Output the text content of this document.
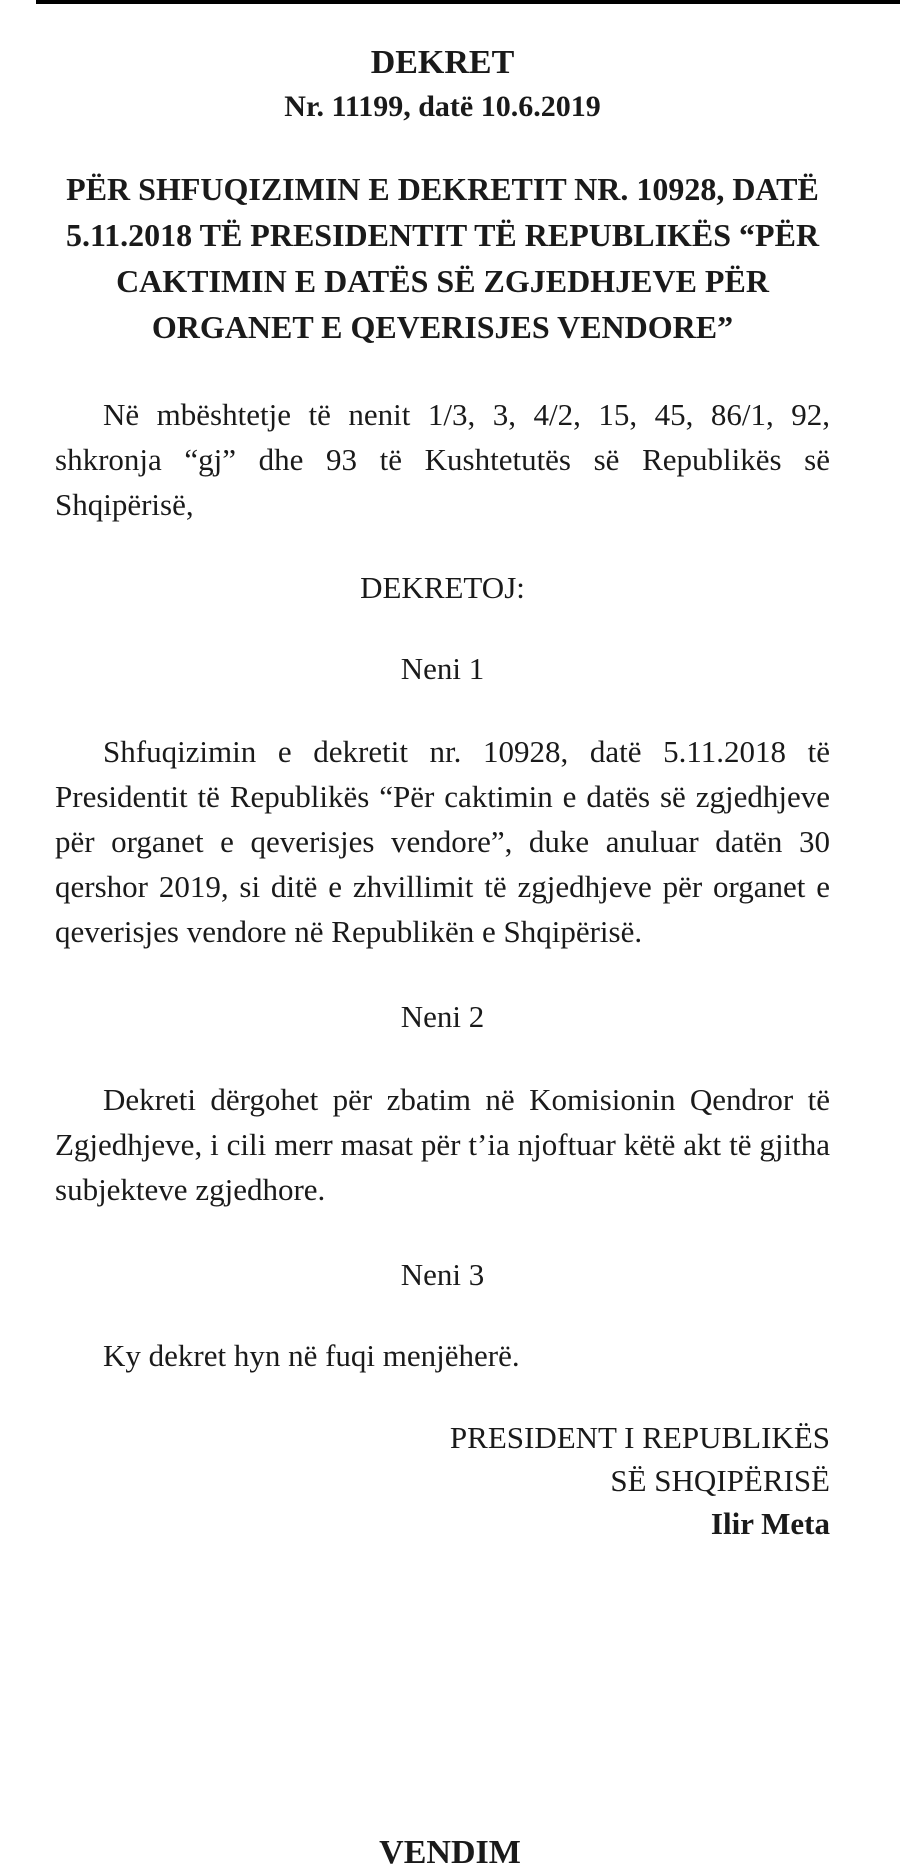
DEKRET

Nr. 11199, datë 10.6.2019

PËR SHFUQIZIMIN E DEKRETIT NR. 10928, DATË 5.11.2018 TË PRESIDENTIT TË REPUBLIKËS “PËR CAKTIMIN E DATËS SË ZGJEDHJEVE PËR ORGANET E QEVERISJES VENDORE”

Në mbështetje të nenit 1/3, 3, 4/2, 15, 45, 86/1, 92, shkronja “gj” dhe 93 të Kushtetutës së Republikës së Shqipërisë,

DEKRETOJ:

Neni 1

Shfuqizimin e dekretit nr. 10928, datë 5.11.2018 të Presidentit të Republikës “Për caktimin e datës së zgjedhjeve për organet e qeverisjes vendore”, duke anuluar datën 30 qershor 2019, si ditë e zhvillimit të zgjedhjeve për organet e qeverisjes vendore në Republikën e Shqipërisë.

Neni 2

Dekreti dërgohet për zbatim në Komisionin Qendror të Zgjedhjeve, i cili merr masat për t’ia njoftuar këtë akt të gjitha subjekteve zgjedhore.

Neni 3

Ky dekret hyn në fuqi menjëherë.

PRESIDENT I REPUBLIKËS

SË SHQIPËRISË

Ilir Meta

VENDIM
